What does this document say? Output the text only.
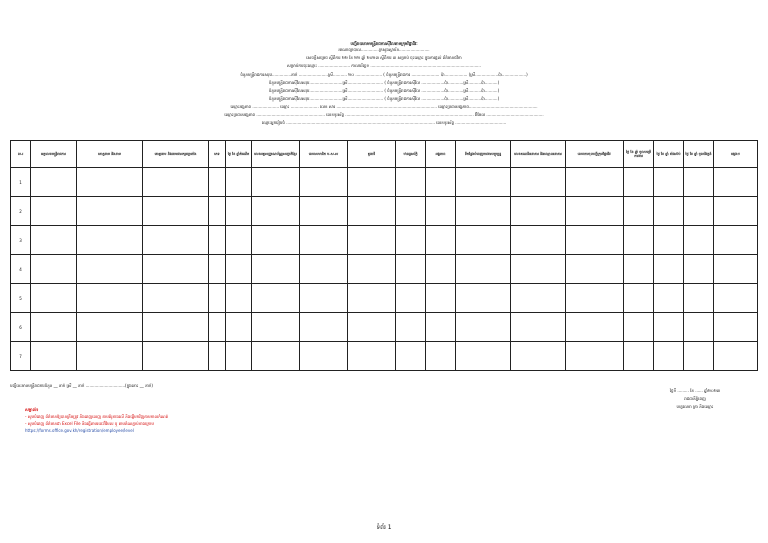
បញ្ជីរាយនាមមន្ត្រីរាជការស៊ីវិលតាមក្រុមវិជ្ជាជីវៈ
អាណាព្យាបាល..............ក្រសួងស្ថាប័ន........................
សេចក្តីសម្រេច ស្តីពីការ ២២ ខែ ២២ ឆ្នាំ ២០២៣ ស្តីពីការ ៣ សម្រាប់ ចុះឈ្មោះ ក្នុងការផ្តល់ ព័ត៌មានថវិកា
សម្រាប់ការចុះឈ្មោះ ......................... កាលបរិច្ឆេទ .......................................................................................
ចំនួនមន្ត្រីរាជការសរុប...............នាក់ .......................ស្រី........... ២០ ..................... ( ចំនួនមន្ត្រីរាជការ ...................... ប៉ា.................. (ស្រី..................ប៉ា...................)
ចំនួនមន្ត្រីរាជការស៊ីវិលសរុប..........................ស្រី............................ ( ចំនួនមន្ត្រីរាជការស៊ីវិល ..................ប៉ា............ស្រី..........ប៉ា..........)
ចំនួនមន្ត្រីរាជការស៊ីវិលសរុប..........................ស្រី............................ ( ចំនួនមន្ត្រីរាជការស៊ីវិល ..................ប៉ា............ស្រី..........ប៉ា..........)
ចំនួនមន្ត្រីរាជការស៊ីវិលសរុប..........................ស្រី............................ ( ចំនួនមន្ត្រីរាជការស៊ីវិល ..................ប៉ា............ស្រី..........ប៉ា..........)
ឈ្មោះអង្គភាព ..................... ឈ្មោះ ...................... លេខ សារ ............................................................................... ឈ្មោះប្រធានអង្គភាព......................................................
ឈ្មោះប្រធានអង្គភាព ...................................................... លេខទូរស័ព្ទ ..................................................................................................... អ៊ីមែល .............................................
ឈ្មោះអ្នករៀបចំ ..................................................................................................................... លេខទូរស័ព្ទ ........................................
ល.រ	អត្តលេខមន្ត្រីរាជការ	គោត្តនាម និងនាម	គោត្តនាម និងនាមជាអក្សរឡាតាំង	ភេទ	ថ្ងៃ ខែ ឆ្នាំកំណើត	លេខអត្តសញ្ញាណប័ណ្ណសញ្ជាតិខ្មែរ	លេខសមាជិក ប.ស.ស	តួនាទី	ឋានន្តរស័ក្តិ	អង្គភាព	ទីកន្លែងបំពេញការងារបច្ចុប្បន្ន	លេខគណនីធនាគារ និងឈ្មោះធនាគារ	លេខការចុះបញ្ជីក្រុមវិជ្ជាជីវៈ	ថ្ងៃ ខែ ឆ្នាំ ចូលបម្រើការងារ	ថ្ងៃ ខែ ឆ្នាំ តាំងស៊ប់	ថ្ងៃ ខែ ឆ្នាំ ចូលនិវត្តន៍	ផ្សេងៗ
1																	
2																	
3																	
4																	
5																	
6																	
7																	
បញ្ជីនេះមានមន្ត្រីរាជការចំនួន __ នាក់ ស្រី __ នាក់ ...............................(ក្នុងនោះ __ នាក់)
ថ្ងៃទី ......... ខែ ...... ឆ្នាំ២០២៣
រាជធានីភ្នំពេញ
ហត្ថលេខា ត្រា និងឈ្មោះ
សម្គាល់៖
- សូមបំពេញ ព័ត៌មានឱ្យបានត្រឹមត្រូវ និងពេញលេញ តាមគំរូខាងលើ និងផ្ញើមកវិញតាមកាលកំណត់
- សូមបំពេញ ព័ត៌មានជា Excel File និងផ្ញើតាមរយៈអ៊ីមែល ឬ តាមតំណភ្ជាប់ខាងក្រោម
https://forms.office.gov.kh/registration/employee/level
ទំព័រ 1
